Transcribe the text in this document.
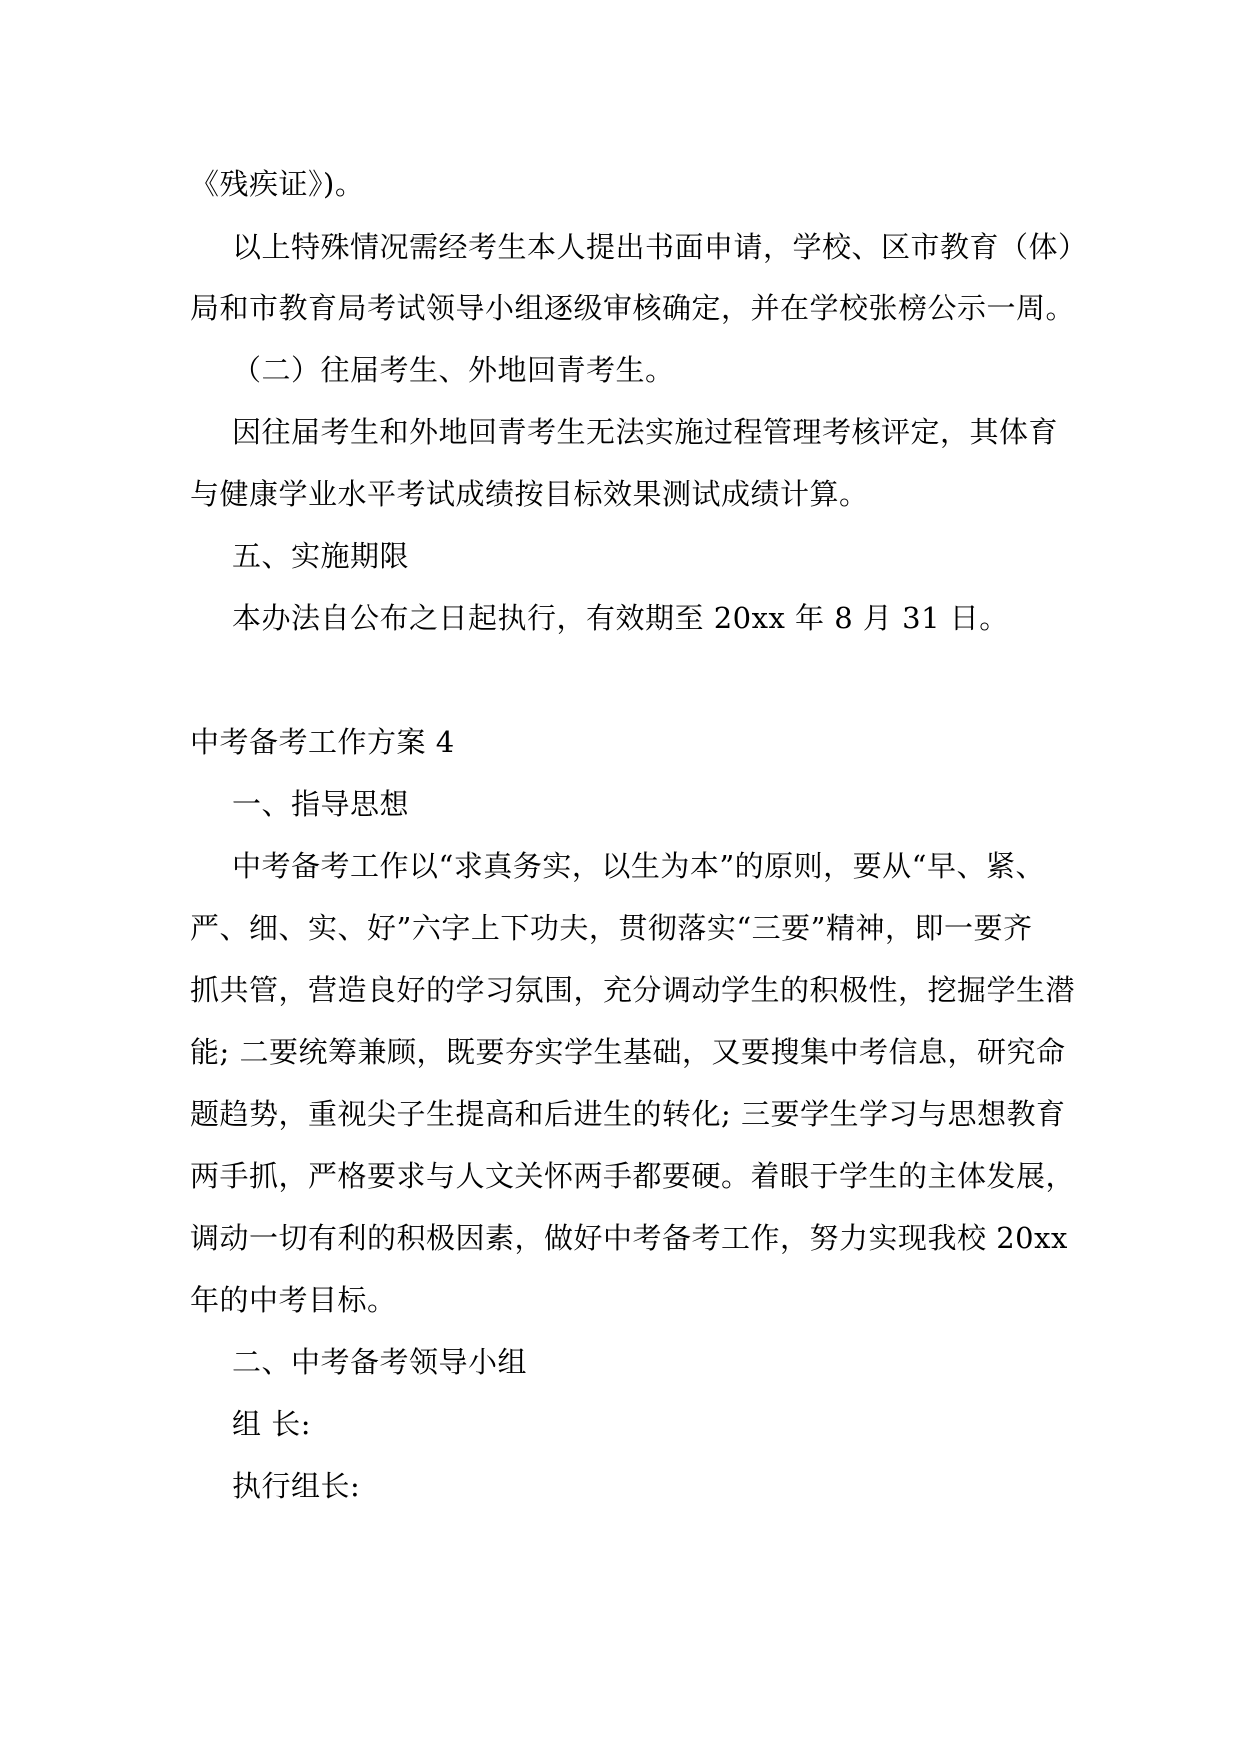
《残疾证》)。
以上特殊情况需经考生本人提出书面申请，学校、区市教育（体）
局和市教育局考试领导小组逐级审核确定，并在学校张榜公示一周。
（二）往届考生、外地回青考生。
因往届考生和外地回青考生无法实施过程管理考核评定，其体育
与健康学业水平考试成绩按目标效果测试成绩计算。
五、实施期限
本办法自公布之日起执行，有效期至 20xx 年 8 月 31 日。
中考备考工作方案 4
一、指导思想
中考备考工作以“求真务实，以生为本”的原则，要从“早、紧、
严、细、实、好”六字上下功夫，贯彻落实“三要”精神，即一要齐
抓共管，营造良好的学习氛围，充分调动学生的积极性，挖掘学生潜
能; 二要统筹兼顾，既要夯实学生基础，又要搜集中考信息，研究命
题趋势，重视尖子生提高和后进生的转化; 三要学生学习与思想教育
两手抓，严格要求与人文关怀两手都要硬。着眼于学生的主体发展，
调动一切有利的积极因素，做好中考备考工作，努力实现我校 20xx
年的中考目标。
二、中考备考领导小组
组 长:
执行组长:
